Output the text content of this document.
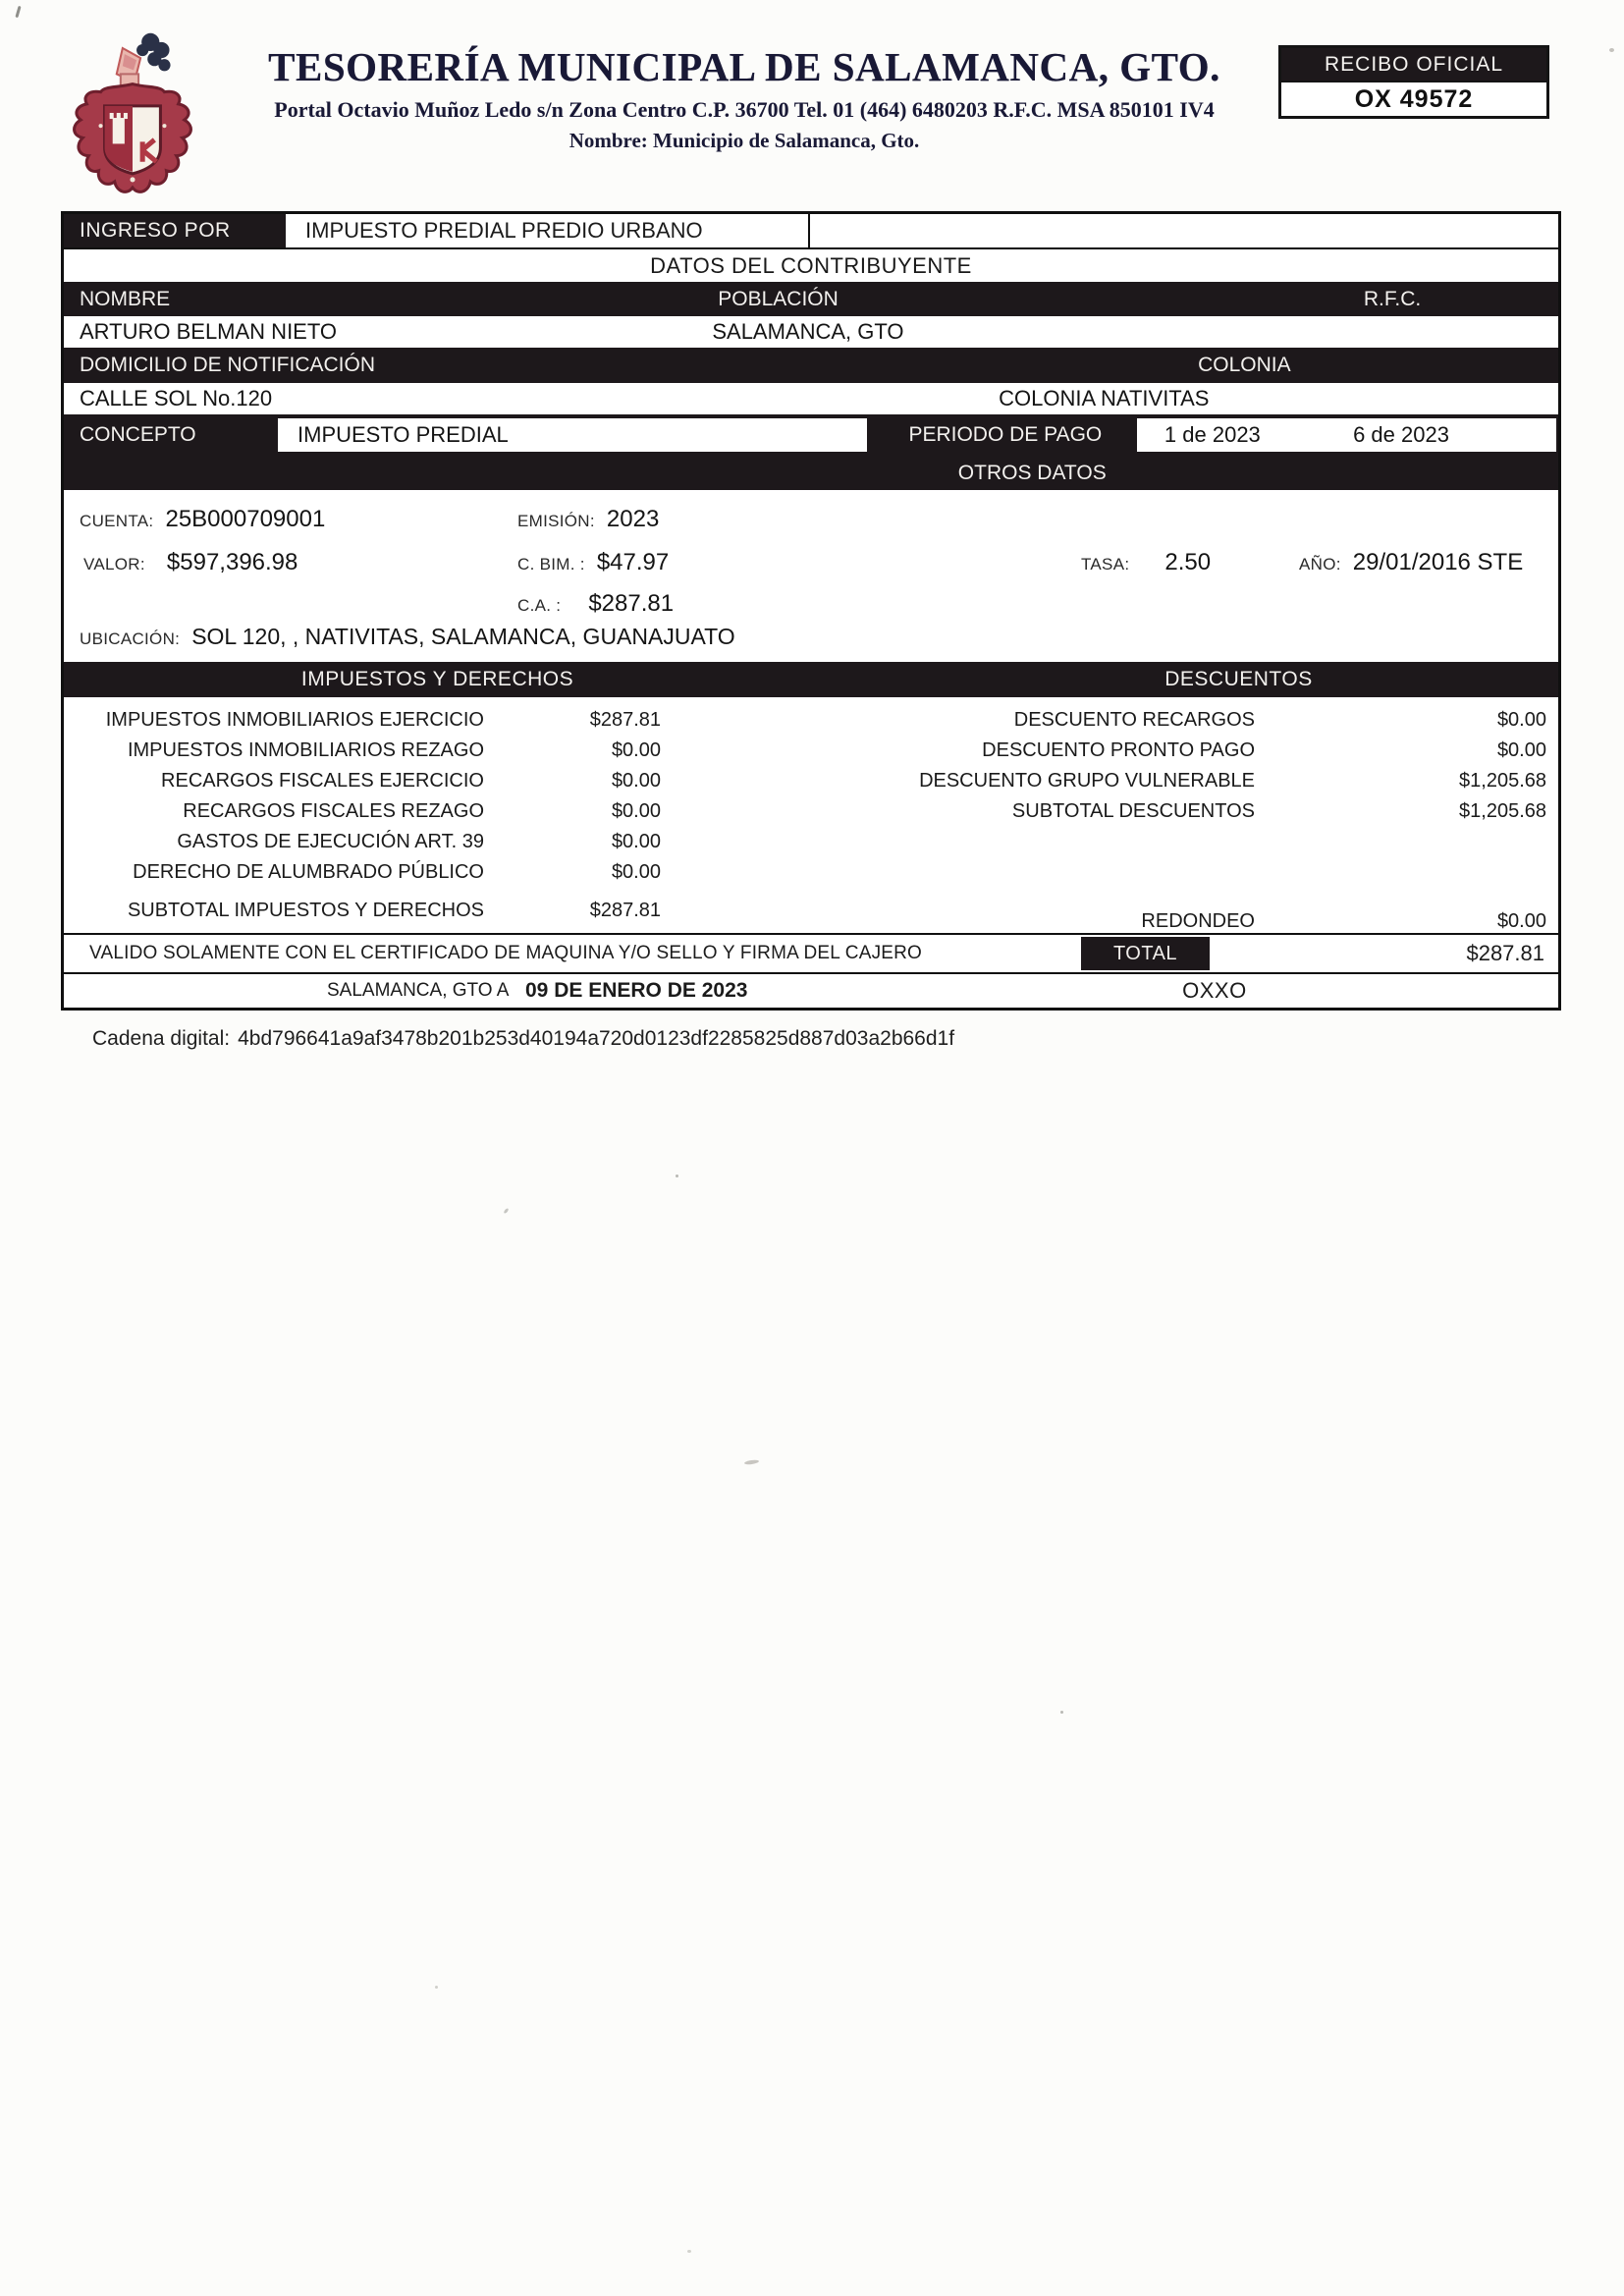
TESORERÍA MUNICIPAL DE SALAMANCA, GTO.
Portal Octavio Muñoz Ledo s/n Zona Centro C.P. 36700 Tel. 01 (464) 6480203 R.F.C. MSA 850101 IV4
Nombre: Municipio de Salamanca, Gto.
RECIBO OFICIAL
OX 49572
INGRESO POR	IMPUESTO PREDIAL PREDIO URBANO
DATOS DEL CONTRIBUYENTE
NOMBRE	POBLACIÓN	R.F.C.
ARTURO BELMAN NIETO	SALAMANCA, GTO
DOMICILIO DE NOTIFICACIÓN	COLONIA
CALLE SOL No.120	COLONIA NATIVITAS
CONCEPTO	IMPUESTO PREDIAL	PERIODO DE PAGO	1 de 2023	6 de 2023
OTROS DATOS
CUENTA: 25B000709001	EMISIÓN: 2023
VALOR: $597,396.98	C. BIM. : $47.97	TASA: 2.50	AÑO: 29/01/2016 STE
C.A. : $287.81
UBICACIÓN: SOL 120, , NATIVITAS, SALAMANCA, GUANAJUATO
IMPUESTOS Y DERECHOS	DESCUENTOS
IMPUESTOS INMOBILIARIOS EJERCICIO	$287.81
IMPUESTOS INMOBILIARIOS REZAGO	$0.00
RECARGOS FISCALES EJERCICIO	$0.00
RECARGOS FISCALES REZAGO	$0.00
GASTOS DE EJECUCIÓN ART. 39	$0.00
DERECHO DE ALUMBRADO PÚBLICO	$0.00
SUBTOTAL IMPUESTOS Y DERECHOS	$287.81
DESCUENTO RECARGOS	$0.00
DESCUENTO PRONTO PAGO	$0.00
DESCUENTO GRUPO VULNERABLE	$1,205.68
SUBTOTAL DESCUENTOS	$1,205.68
REDONDEO	$0.00
VALIDO SOLAMENTE CON EL CERTIFICADO DE MAQUINA Y/O SELLO Y FIRMA DEL CAJERO	TOTAL	$287.81
SALAMANCA, GTO A 09 DE ENERO DE 2023	OXXO
Cadena digital: 4bd796641a9af3478b201b253d40194a720d0123df2285825d887d03a2b66d1f
